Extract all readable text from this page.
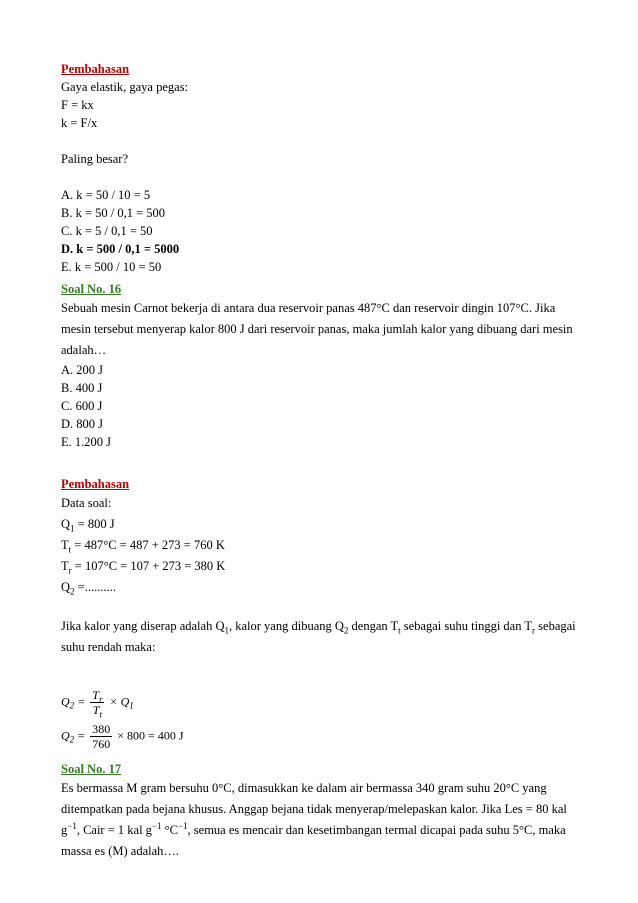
Pembahasan
Gaya elastik, gaya pegas:
F = kx
k = F/x
Paling besar?
A. k = 50 / 10 = 5
B. k = 50 / 0,1 = 500
C. k = 5 / 0,1 = 50
D. k = 500 / 0,1 = 5000
E. k = 500 / 10 = 50
Soal No. 16
Sebuah mesin Carnot bekerja di antara dua reservoir panas 487°C dan reservoir dingin 107°C. Jika mesin tersebut menyerap kalor 800 J dari reservoir panas, maka jumlah kalor yang dibuang dari mesin adalah…
A. 200 J
B. 400 J
C. 600 J
D. 800 J
E. 1.200 J
Pembahasan
Data soal:
$Q_1 = 800$ J
$T_t = 487^\circ C = 487 + 273 = 760$ K
$T_r = 107^\circ C = 107 + 273 = 380$ K
$Q_2$ =..........
Jika kalor yang diserap adalah $Q_1$, kalor yang dibuang $Q_2$ dengan $T_t$ sebagai suhu tinggi dan $T_r$ sebagai suhu rendah maka:
$Q_2 = \frac{T_r}{T_t} \times Q_1$
$Q_2 = \frac{380}{760} \times 800 = 400$ J
Soal No. 17
Es bermassa M gram bersuhu 0°C, dimasukkan ke dalam air bermassa 340 gram suhu 20°C yang ditempatkan pada bejana khusus. Anggap bejana tidak menyerap/melepaskan kalor. Jika Les = 80 kal $g^{-1}$, Cair = 1 kal $g^{-1}$ $^\circ C^{-1}$, semua es mencair dan kesetimbangan termal dicapai pada suhu 5°C, maka massa es (M) adalah….
